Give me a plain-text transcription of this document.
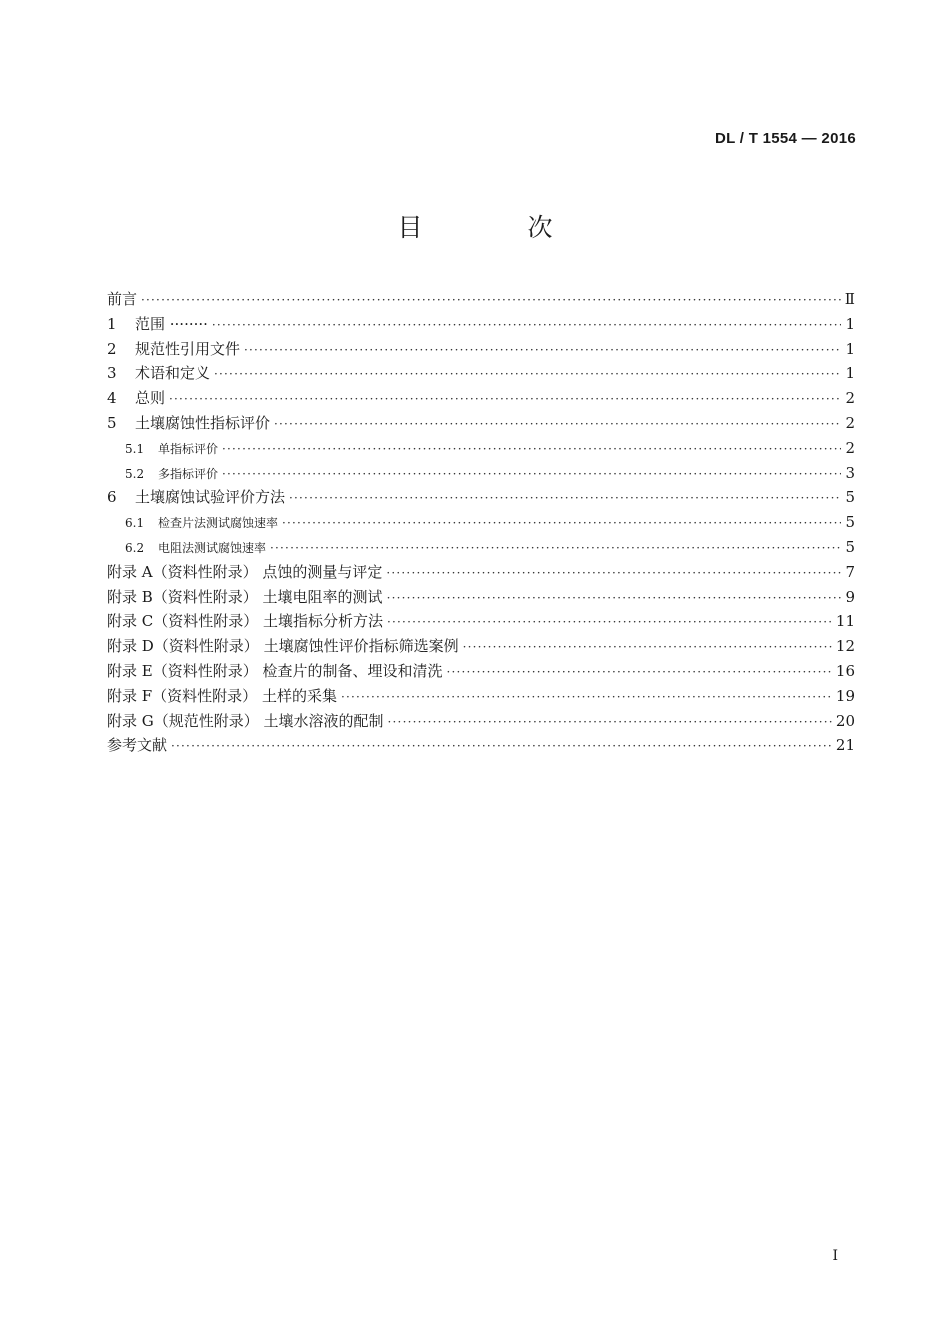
DL / T 1554 — 2016
目　次
前言 ·····	Ⅱ
1 范围 ········ ·····	1
2 规范性引用文件 ·····	1
3 术语和定义 ·····	1
4 总则 ·····	2
5 土壤腐蚀性指标评价 ·····	2
5.1 单指标评价 ·····	2
5.2 多指标评价 ·····	3
6 土壤腐蚀试验评价方法 ·····	5
6.1 检查片法测试腐蚀速率 ·····	5
6.2 电阻法测试腐蚀速率 ·····	5
附录 A（资料性附录） 点蚀的测量与评定 ·····	7
附录 B（资料性附录） 土壤电阻率的测试 ·····	9
附录 C（资料性附录） 土壤指标分析方法 ·····	11
附录 D（资料性附录） 土壤腐蚀性评价指标筛选案例 ·····	12
附录 E（资料性附录） 检查片的制备、埋设和清洗 ·····	16
附录 F（资料性附录） 土样的采集 ·····	19
附录 G（规范性附录） 土壤水溶液的配制 ·····	20
参考文献 ·····	21
I
